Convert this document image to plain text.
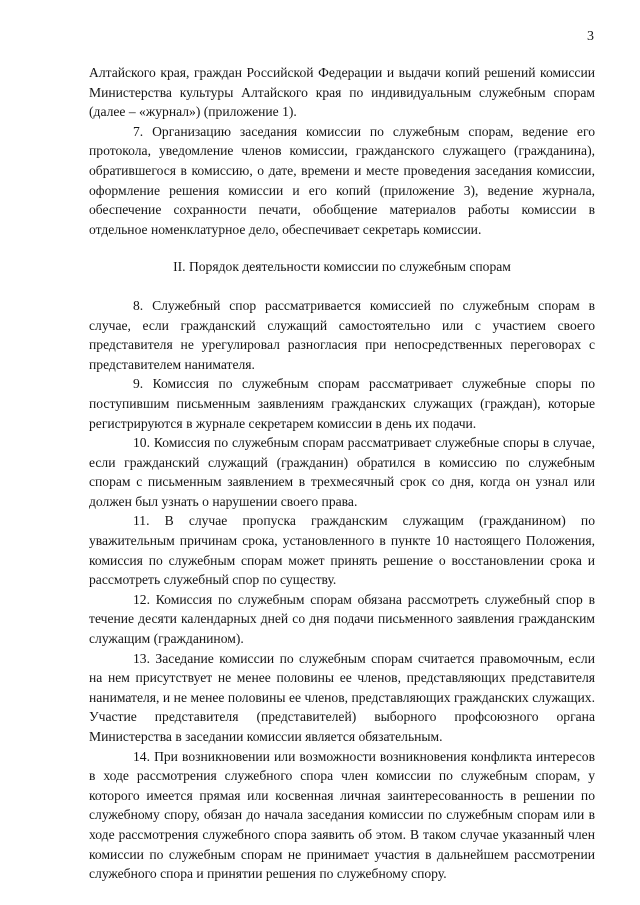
3

Алтайского края, граждан Российской Федерации и выдачи копий решений комиссии Министерства культуры Алтайского края по индивидуальным служебным спорам (далее – «журнал») (приложение 1).

7. Организацию заседания комиссии по служебным спорам, ведение его протокола, уведомление членов комиссии, гражданского служащего (гражданина), обратившегося в комиссию, о дате, времени и месте проведения заседания комиссии, оформление решения комиссии и его копий (приложение 3), ведение журнала, обеспечение сохранности печати, обобщение материалов работы комиссии в отдельное номенклатурное дело, обеспечивает секретарь комиссии.

II. Порядок деятельности комиссии по служебным спорам

8. Служебный спор рассматривается комиссией по служебным спорам в случае, если гражданский служащий самостоятельно или с участием своего представителя не урегулировал разногласия при непосредственных переговорах с представителем нанимателя.

9. Комиссия по служебным спорам рассматривает служебные споры по поступившим письменным заявлениям гражданских служащих (граждан), которые регистрируются в журнале секретарем комиссии в день их подачи.

10. Комиссия по служебным спорам рассматривает служебные споры в случае, если гражданский служащий (гражданин) обратился в комиссию по служебным спорам с письменным заявлением в трехмесячный срок со дня, когда он узнал или должен был узнать о нарушении своего права.

11. В случае пропуска гражданским служащим (гражданином) по уважительным причинам срока, установленного в пункте 10 настоящего Положения, комиссия по служебным спорам может принять решение о восстановлении срока и рассмотреть служебный спор по существу.

12. Комиссия по служебным спорам обязана рассмотреть служебный спор в течение десяти календарных дней со дня подачи письменного заявления гражданским служащим (гражданином).

13. Заседание комиссии по служебным спорам считается правомочным, если на нем присутствует не менее половины ее членов, представляющих представителя нанимателя, и не менее половины ее членов, представляющих гражданских служащих. Участие представителя (представителей) выборного профсоюзного органа Министерства в заседании комиссии является обязательным.

14. При возникновении или возможности возникновения конфликта интересов в ходе рассмотрения служебного спора член комиссии по служебным спорам, у которого имеется прямая или косвенная личная заинтересованность в решении по служебному спору, обязан до начала заседания комиссии по служебным спорам или в ходе рассмотрения служебного спора заявить об этом. В таком случае указанный член комиссии по служебным спорам не принимает участия в дальнейшем рассмотрении служебного спора и принятии решения по служебному спору.
